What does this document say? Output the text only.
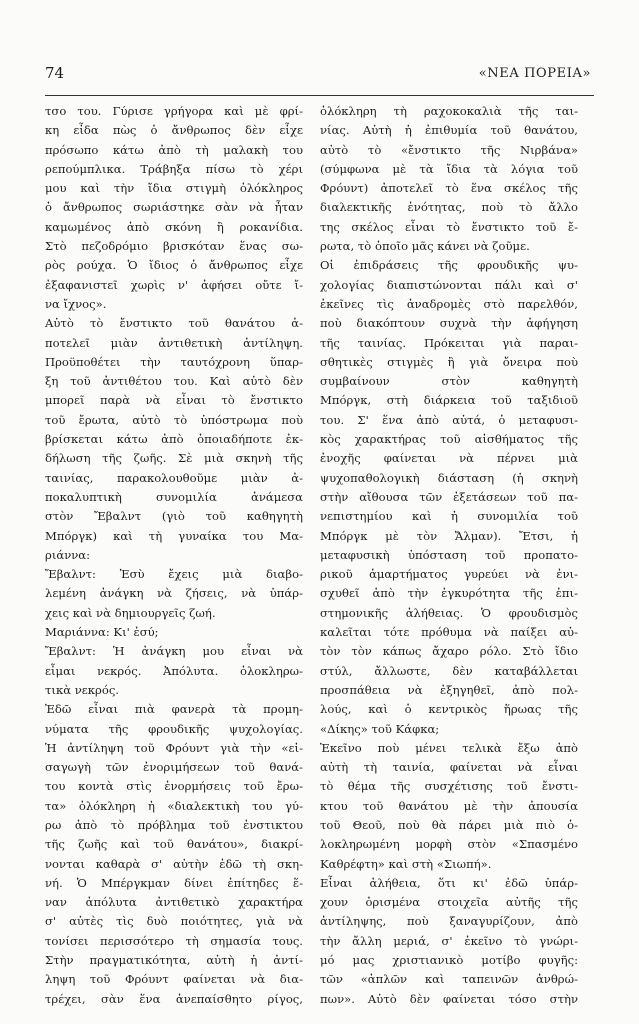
74	«ΝΕΑ ΠΟΡΕΙΑ»
τσο του. Γύρισε γρήγορα καὶ μὲ φρί-
κη εἶδα πὼς ὁ ἄνθρωπος δὲν εἶχε
πρόσωπο κάτω ἀπὸ τὴ μαλακὴ του
ρεπούμπλικα. Τράβηξα πίσω τὸ χέρι
μου καὶ τὴν ἴδια στιγμὴ ὁλόκληρος
ὁ ἄνθρωπος σωριάστηκε σὰν νὰ ἦταν
καμωμένος ἀπὸ σκόνη ἢ ροκανίδια.
Στὸ πεζοδρόμιο βρισκόταν ἕνας σω-
ρὸς ρούχα. Ὁ ἴδιος ὁ ἄνθρωπος εἶχε
ἐξαφανιστεῖ χωρὶς ν' ἀφήσει οὔτε ἴ-
να ἴχνος».
Αὐτὸ τὸ ἔνστικτο τοῦ θανάτου ἀ-
ποτελεῖ μιὰν ἀντιθετικὴ ἀντίληψη.
Προϋποθέτει τὴν ταυτόχρονη ὕπαρ-
ξη τοῦ ἀντιθέτου του. Καὶ αὐτὸ δὲν
μπορεῖ παρὰ νὰ εἶναι τὸ ἔνστικτο
τοῦ ἔρωτα, αὐτὸ τὸ ὑπόστρωμα ποὺ
βρίσκεται κάτω ἀπὸ ὁποιαδήποτε ἐκ-
δήλωση τῆς ζωῆς. Σὲ μιὰ σκηνὴ τῆς
ταινίας, παρακολουθοῦμε μιὰν ἀ-
ποκαλυπτικὴ συνομιλία ἀνάμεσα
στὸν Ἔβαλντ (γιὸ τοῦ καθηγητὴ
Μπόργκ) καὶ τὴ γυναίκα του Μα-
ριάννα:
Ἔβαλντ: Ἐσὺ ἔχεις μιὰ διαβο-
λεμένη ἀνάγκη νὰ ζήσεις, νὰ ὑπάρ-
χεις καὶ νὰ δημιουργεῖς ζωή.
Μαριάννα: Κι' ἐσύ;
Ἔβαλντ: Ἡ ἀνάγκη μου εἶναι νὰ
εἶμαι νεκρός. Ἀπόλυτα. ὁλοκληρω-
τικὰ νεκρός.
Ἐδῶ εἶναι πιὰ φανερὰ τὰ προμη-
νύματα τῆς φρουδικῆς ψυχολογίας.
Ἡ ἀντίληψη τοῦ Φρόυντ γιὰ τὴν «εἰ-
σαγωγὴ τῶν ἐνοριμήσεων τοῦ θανά-
του κοντὰ στὶς ἐνορμήσεις τοῦ ἔρω-
τα» ὁλόκληρη ἡ «διαλεκτικὴ του γύ-
ρω ἀπὸ τὸ πρόβλημα τοῦ ἐνστικτου
τῆς ζωῆς καὶ τοῦ θανάτου», διακρί-
νονται καθαρὰ σ' αὐτὴν ἐδῶ τὴ σκη-
νή. Ὁ Μπέργκμαν δίνει ἐπίτηδες ἕ-
ναν ἀπόλυτα ἀντιθετικὸ χαρακτήρα
σ' αὐτὲς τὶς δυὸ ποιότητες, γιὰ νὰ
τονίσει περισσότερο τὴ σημασία τους.
Στὴν πραγματικότητα, αὐτὴ ἡ ἀντί-
ληψη τοῦ Φρόυντ φαίνεται νὰ δια-
τρέχει, σὰν ἕνα ἀνεπαίσθητο ρίγος,
ὁλόκληρη τὴ ραχοκοκαλιὰ τῆς ται-
νίας. Αὐτὴ ἡ ἐπιθυμία τοῦ θανάτου,
αὐτὸ τὸ «ἔνστικτο τῆς Νιρβάνα»
(σύμφωνα μὲ τὰ ἴδια τὰ λόγια τοῦ
Φρόυντ) ἀποτελεῖ τὸ ἕνα σκέλος τῆς
διαλεκτικῆς ἑνότητας, ποὺ τὸ ἄλλο
της σκέλος εἶναι τὸ ἔνστικτο τοῦ ἔ-
ρωτα, τὸ ὁποῖο μᾶς κάνει νὰ ζοῦμε.
Οἱ ἐπιδράσεις τῆς φρουδικῆς ψυ-
χολογίας διαπιστώνονται πάλι καὶ σ'
ἐκεῖνες τὶς ἀναδρομὲς στὸ παρελθόν,
ποὺ διακόπτουν συχνὰ τὴν ἀφήγηση
τῆς ταινίας. Πρόκειται γιὰ παραι-
σθητικὲς στιγμὲς ἢ γιὰ ὄνειρα ποὺ
συμβαίνουν στὸν καθηγητὴ
Μπόργκ, στὴ διάρκεια τοῦ ταξιδιοῦ
του. Σ' ἕνα ἀπὸ αὐτά, ὁ μεταφυσι-
κὸς χαρακτήρας τοῦ αἰσθήματος τῆς
ἐνοχῆς φαίνεται νὰ πέρνει μιὰ
ψυχοπαθολογικὴ διάσταση (ἡ σκηνὴ
στὴν αἴθουσα τῶν ἐξετάσεων τοῦ πα-
νεπιστημίου καὶ ἡ συνομιλία τοῦ
Μπόργκ μὲ τὸν Ἄλμαν). Ἔτσι, ἡ
μεταφυσικὴ ὑπόσταση τοῦ προπατο-
ρικοῦ ἁμαρτήματος γυρεύει νὰ ἐνι-
σχυθεῖ ἀπὸ τὴν ἐγκυρότητα τῆς ἐπι-
στημονικῆς ἀλήθειας. Ὁ φρουδισμὸς
καλεῖται τότε πρόθυμα νὰ παίξει αὐ-
τὸν τὸν κάπως ἄχαρο ρόλο. Στὸ ἴδιο
στύλ, ἄλλωστε, δὲν καταβάλλεται
προσπάθεια νὰ ἐξηγηθεῖ, ἀπὸ πολ-
λούς, καὶ ὁ κεντρικὸς ἥρωας τῆς
«Δίκης» τοῦ Κάφκα;
Ἐκεῖνο ποὺ μένει τελικὰ ἔξω ἀπὸ
αὐτὴ τὴ ταινία, φαίνεται νὰ εἶναι
τὸ θέμα τῆς συσχέτισης τοῦ ἔνστι-
κτου τοῦ θανάτου μὲ τὴν ἀπουσία
τοῦ Θεοῦ, ποὺ θὰ πάρει μιὰ πιὸ ὁ-
λοκληρωμένη μορφὴ στὸν «Σπασμένο
Καθρέφτη» καὶ στὴ «Σιωπή».
Εἶναι ἀλήθεια, ὅτι κι' ἐδῶ ὑπάρ-
χουν ὁρισμένα στοιχεῖα αὐτῆς τῆς
ἀντίληψης, ποὺ ξαναγυρίζουν, ἀπὸ
τὴν ἄλλη μεριά, σ' ἐκεῖνο τὸ γνώρι-
μό μας χριστιανικὸ μοτίβο φυγῆς:
τῶν «ἀπλῶν καὶ ταπεινῶν ἀνθρώ-
πων». Αὐτὸ δὲν φαίνεται τόσο στὴν
